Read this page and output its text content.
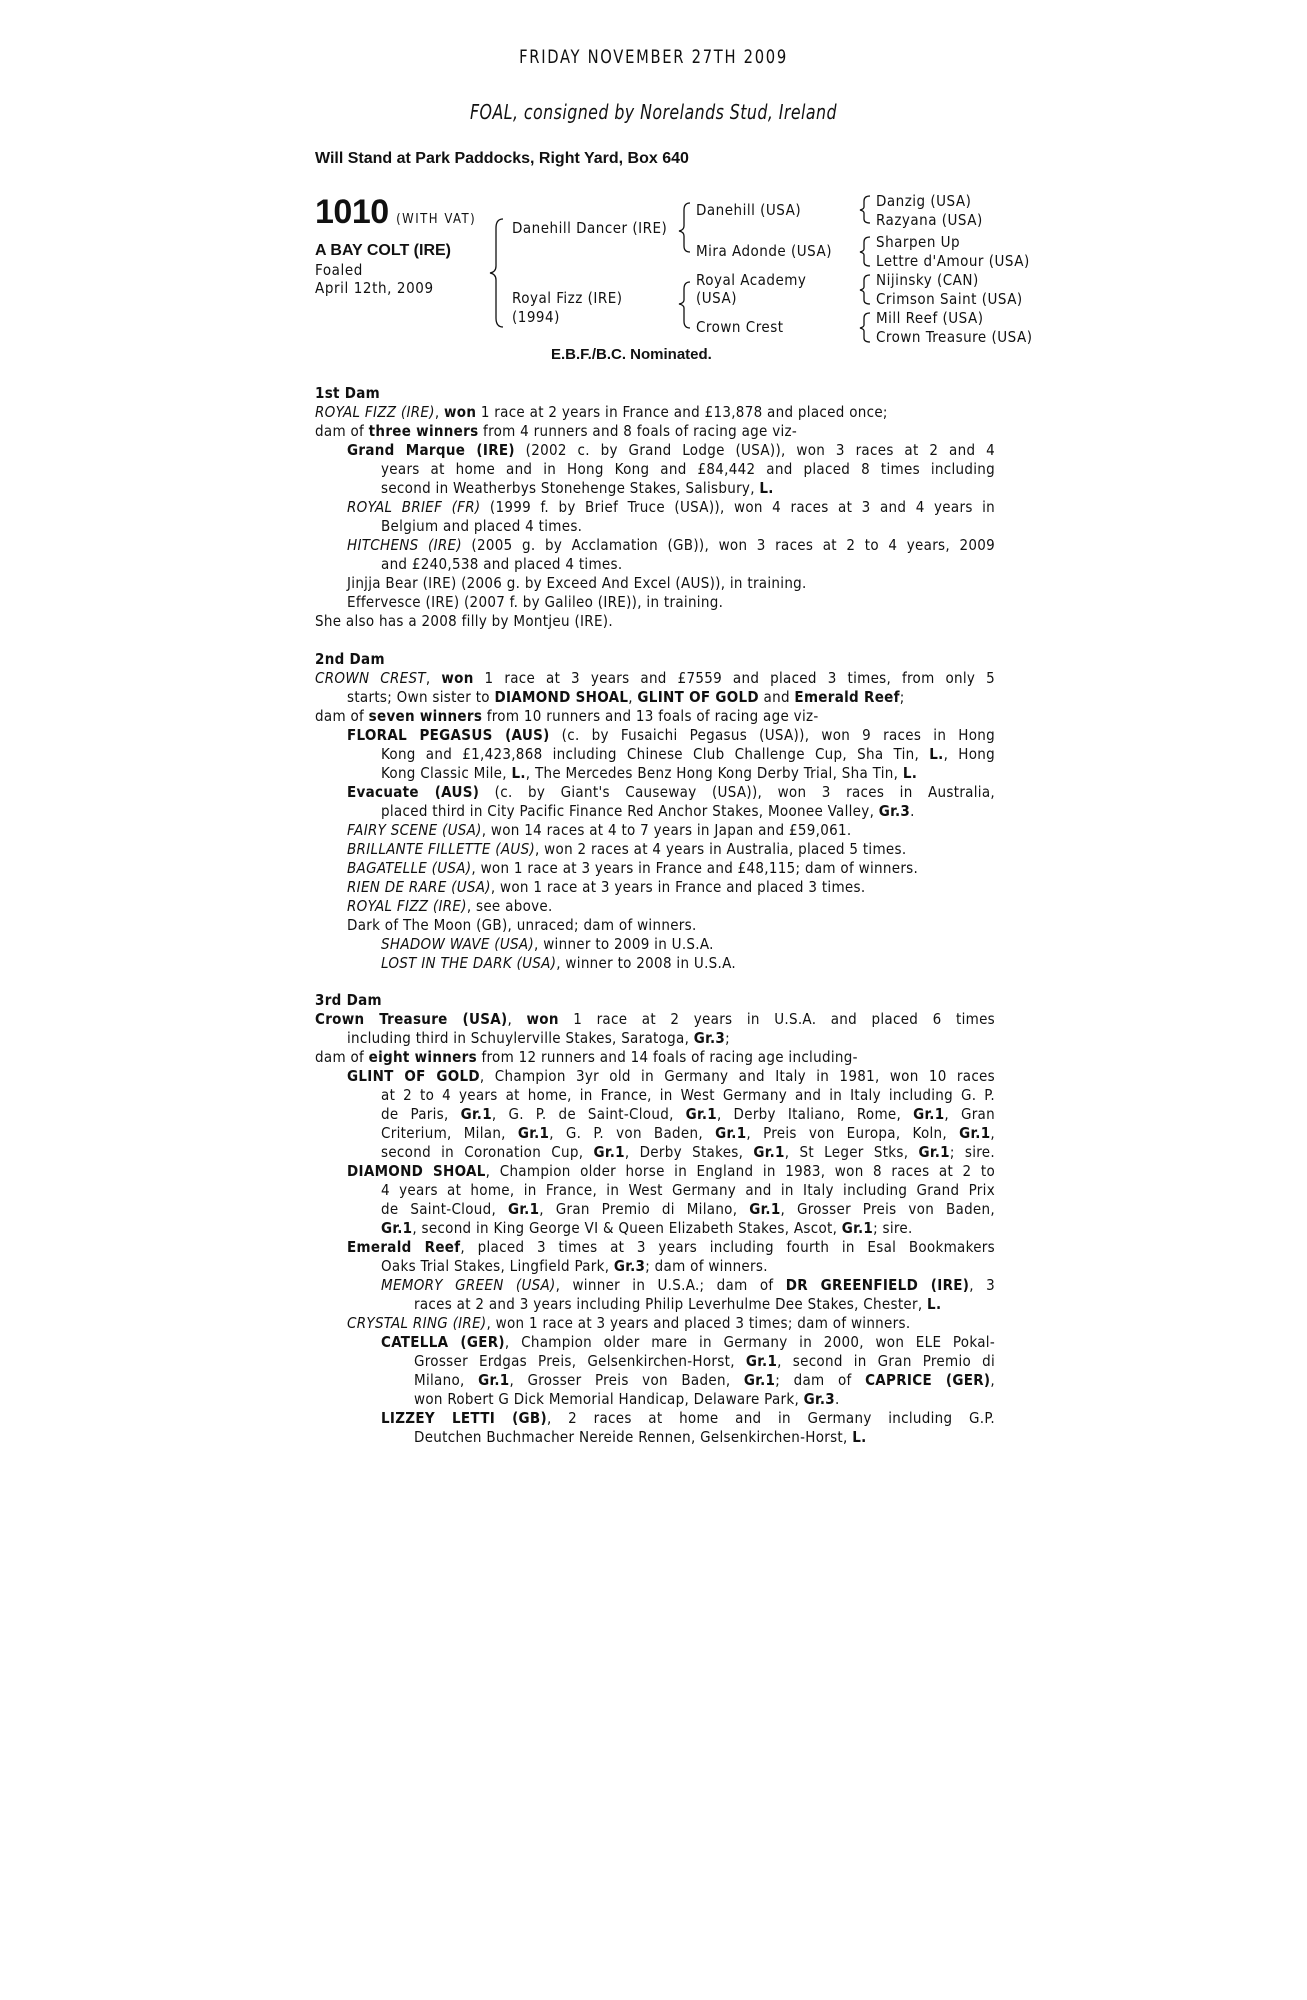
FRIDAY NOVEMBER 27TH 2009
FOAL, consigned by Norelands Stud, Ireland
Will Stand at Park Paddocks, Right Yard, Box 640
1010 (WITH VAT)
A BAY COLT (IRE)
Foaled
April 12th, 2009
Danehill Dancer (IRE)
Royal Fizz (IRE)
(1994)
Danehill (USA)
Mira Adonde (USA)
Royal Academy
(USA)
Crown Crest
Danzig (USA)
Razyana (USA)
Sharpen Up
Lettre d'Amour (USA)
Nijinsky (CAN)
Crimson Saint (USA)
Mill Reef (USA)
Crown Treasure (USA)
E.B.F./B.C. Nominated.
1st Dam
ROYAL FIZZ (IRE), won 1 race at 2 years in France and £13,878 and placed once;
dam of three winners from 4 runners and 8 foals of racing age viz-
Grand Marque (IRE) (2002 c. by Grand Lodge (USA)), won 3 races at 2 and 4
years at home and in Hong Kong and £84,442 and placed 8 times including
second in Weatherbys Stonehenge Stakes, Salisbury, L.
ROYAL BRIEF (FR) (1999 f. by Brief Truce (USA)), won 4 races at 3 and 4 years in
Belgium and placed 4 times.
HITCHENS (IRE) (2005 g. by Acclamation (GB)), won 3 races at 2 to 4 years, 2009
and £240,538 and placed 4 times.
Jinjja Bear (IRE) (2006 g. by Exceed And Excel (AUS)), in training.
Effervesce (IRE) (2007 f. by Galileo (IRE)), in training.
She also has a 2008 filly by Montjeu (IRE).
2nd Dam
CROWN CREST, won 1 race at 3 years and £7559 and placed 3 times, from only 5
starts; Own sister to DIAMOND SHOAL, GLINT OF GOLD and Emerald Reef;
dam of seven winners from 10 runners and 13 foals of racing age viz-
FLORAL PEGASUS (AUS) (c. by Fusaichi Pegasus (USA)), won 9 races in Hong
Kong and £1,423,868 including Chinese Club Challenge Cup, Sha Tin, L., Hong
Kong Classic Mile, L., The Mercedes Benz Hong Kong Derby Trial, Sha Tin, L.
Evacuate (AUS) (c. by Giant's Causeway (USA)), won 3 races in Australia,
placed third in City Pacific Finance Red Anchor Stakes, Moonee Valley, Gr.3.
FAIRY SCENE (USA), won 14 races at 4 to 7 years in Japan and £59,061.
BRILLANTE FILLETTE (AUS), won 2 races at 4 years in Australia, placed 5 times.
BAGATELLE (USA), won 1 race at 3 years in France and £48,115; dam of winners.
RIEN DE RARE (USA), won 1 race at 3 years in France and placed 3 times.
ROYAL FIZZ (IRE), see above.
Dark of The Moon (GB), unraced; dam of winners.
SHADOW WAVE (USA), winner to 2009 in U.S.A.
LOST IN THE DARK (USA), winner to 2008 in U.S.A.
3rd Dam
Crown Treasure (USA), won 1 race at 2 years in U.S.A. and placed 6 times
including third in Schuylerville Stakes, Saratoga, Gr.3;
dam of eight winners from 12 runners and 14 foals of racing age including-
GLINT OF GOLD, Champion 3yr old in Germany and Italy in 1981, won 10 races
at 2 to 4 years at home, in France, in West Germany and in Italy including G. P.
de Paris, Gr.1, G. P. de Saint-Cloud, Gr.1, Derby Italiano, Rome, Gr.1, Gran
Criterium, Milan, Gr.1, G. P. von Baden, Gr.1, Preis von Europa, Koln, Gr.1,
second in Coronation Cup, Gr.1, Derby Stakes, Gr.1, St Leger Stks, Gr.1; sire.
DIAMOND SHOAL, Champion older horse in England in 1983, won 8 races at 2 to
4 years at home, in France, in West Germany and in Italy including Grand Prix
de Saint-Cloud, Gr.1, Gran Premio di Milano, Gr.1, Grosser Preis von Baden,
Gr.1, second in King George VI & Queen Elizabeth Stakes, Ascot, Gr.1; sire.
Emerald Reef, placed 3 times at 3 years including fourth in Esal Bookmakers
Oaks Trial Stakes, Lingfield Park, Gr.3; dam of winners.
MEMORY GREEN (USA), winner in U.S.A.; dam of DR GREENFIELD (IRE), 3
races at 2 and 3 years including Philip Leverhulme Dee Stakes, Chester, L.
CRYSTAL RING (IRE), won 1 race at 3 years and placed 3 times; dam of winners.
CATELLA (GER), Champion older mare in Germany in 2000, won ELE Pokal-
Grosser Erdgas Preis, Gelsenkirchen-Horst, Gr.1, second in Gran Premio di
Milano, Gr.1, Grosser Preis von Baden, Gr.1; dam of CAPRICE (GER),
won Robert G Dick Memorial Handicap, Delaware Park, Gr.3.
LIZZEY LETTI (GB), 2 races at home and in Germany including G.P.
Deutchen Buchmacher Nereide Rennen, Gelsenkirchen-Horst, L.
